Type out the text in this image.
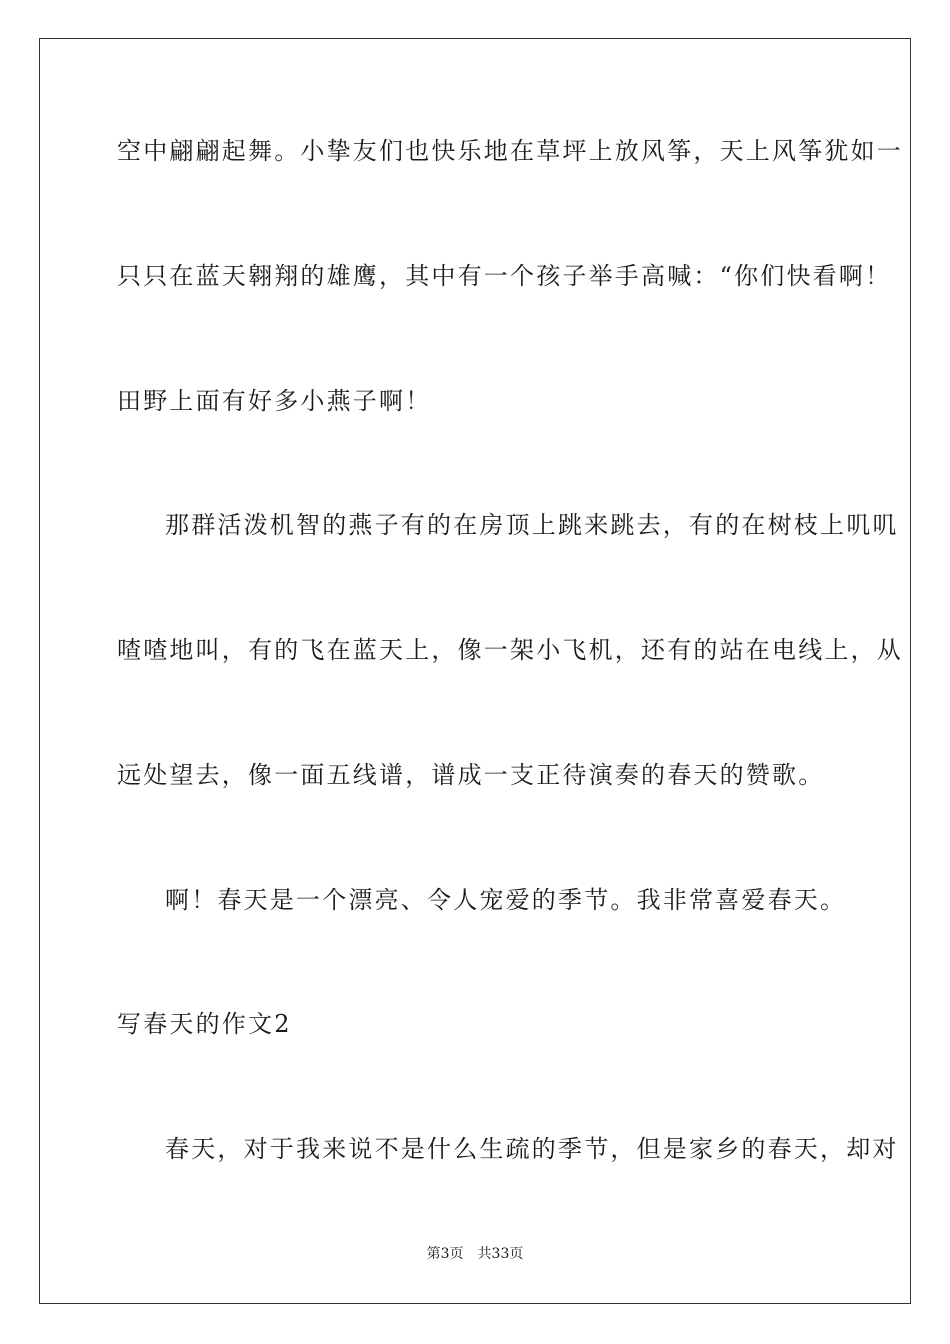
空中翩翩起舞。小挚友们也快乐地在草坪上放风筝，天上风筝犹如一
只只在蓝天翱翔的雄鹰，其中有一个孩子举手高喊：“你们快看啊！
田野上面有好多小燕子啊！
那群活泼机智的燕子有的在房顶上跳来跳去，有的在树枝上叽叽
喳喳地叫，有的飞在蓝天上，像一架小飞机，还有的站在电线上，从
远处望去，像一面五线谱，谱成一支正待演奏的春天的赞歌。
啊！春天是一个漂亮、令人宠爱的季节。我非常喜爱春天。
写春天的作文2
春天，对于我来说不是什么生疏的季节，但是家乡的春天，却对
第3页 共33页
